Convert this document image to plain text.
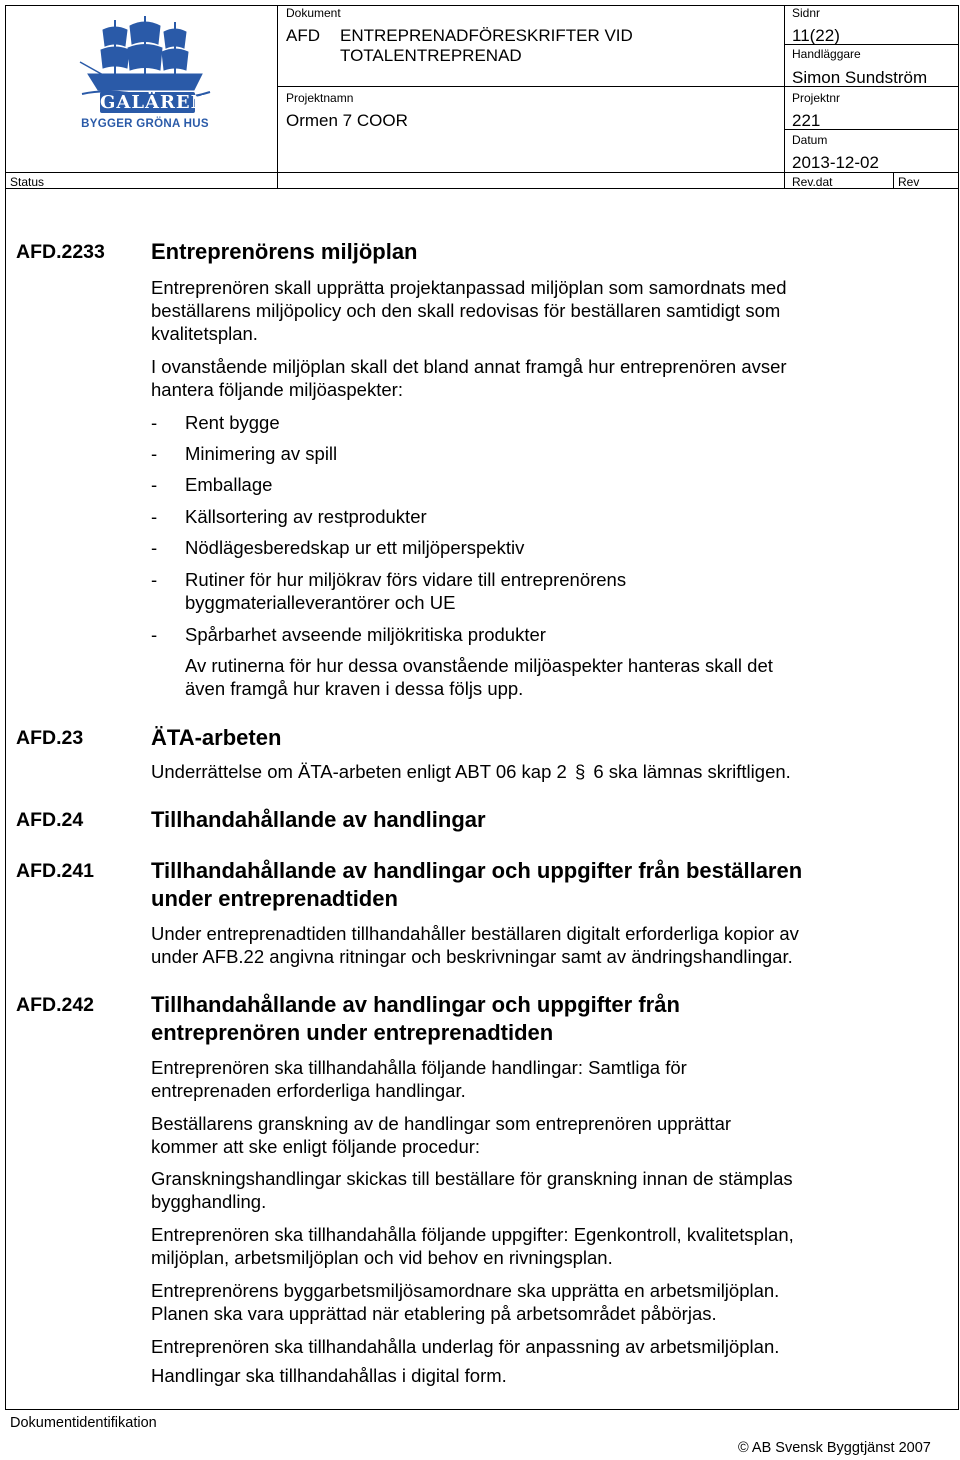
GALÄREN
BYGGER GRÖNA HUS
Dokument
AFD ENTREPRENADFÖRESKRIFTER VID
TOTALENTREPRENAD
Sidnr
11(22)
Handläggare
Simon Sundström
Projektnamn
Ormen 7 COOR
Projektnr
221
Datum
2013-12-02
Status	Rev.dat	Rev
AFD.2233 Entreprenörens miljöplan
Entreprenören skall upprätta projektanpassad miljöplan som samordnats med
beställarens miljöpolicy och den skall redovisas för beställaren samtidigt som
kvalitetsplan.
I ovanstående miljöplan skall det bland annat framgå hur entreprenören avser
hantera följande miljöaspekter:
- Rent bygge
- Minimering av spill
- Emballage
- Källsortering av restprodukter
- Nödlägesberedskap ur ett miljöperspektiv
- Rutiner för hur miljökrav förs vidare till entreprenörens
byggmaterialleverantörer och UE
- Spårbarhet avseende miljökritiska produkter
Av rutinerna för hur dessa ovanstående miljöaspekter hanteras skall det
även framgå hur kraven i dessa följs upp.
AFD.23	ÄTA-arbeten
Underrättelse om ÄTA-arbeten enligt ABT 06 kap 2 § 6 ska lämnas skriftligen.
AFD.24	Tillhandahållande av handlingar
AFD.241	Tillhandahållande av handlingar och uppgifter från beställaren
under entreprenadtiden
Under entreprenadtiden tillhandahåller beställaren digitalt erforderliga kopior av
under AFB.22 angivna ritningar och beskrivningar samt av ändringshandlingar.
AFD.242	Tillhandahållande av handlingar och uppgifter från
entreprenören under entreprenadtiden
Entreprenören ska tillhandahålla följande handlingar: Samtliga för
entreprenaden erforderliga handlingar.
Beställarens granskning av de handlingar som entreprenören upprättar
kommer att ske enligt följande procedur:
Granskningshandlingar skickas till beställare för granskning innan de stämplas
bygghandling.
Entreprenören ska tillhandahålla följande uppgifter: Egenkontroll, kvalitetsplan,
miljöplan, arbetsmiljöplan och vid behov en rivningsplan.
Entreprenörens byggarbetsmiljösamordnare ska upprätta en arbetsmiljöplan.
Planen ska vara upprättad när etablering på arbetsområdet påbörjas.
Entreprenören ska tillhandahålla underlag för anpassning av arbetsmiljöplan.
Handlingar ska tillhandahållas i digital form.
Dokumentidentifikation
© AB Svensk Byggtjänst 2007
